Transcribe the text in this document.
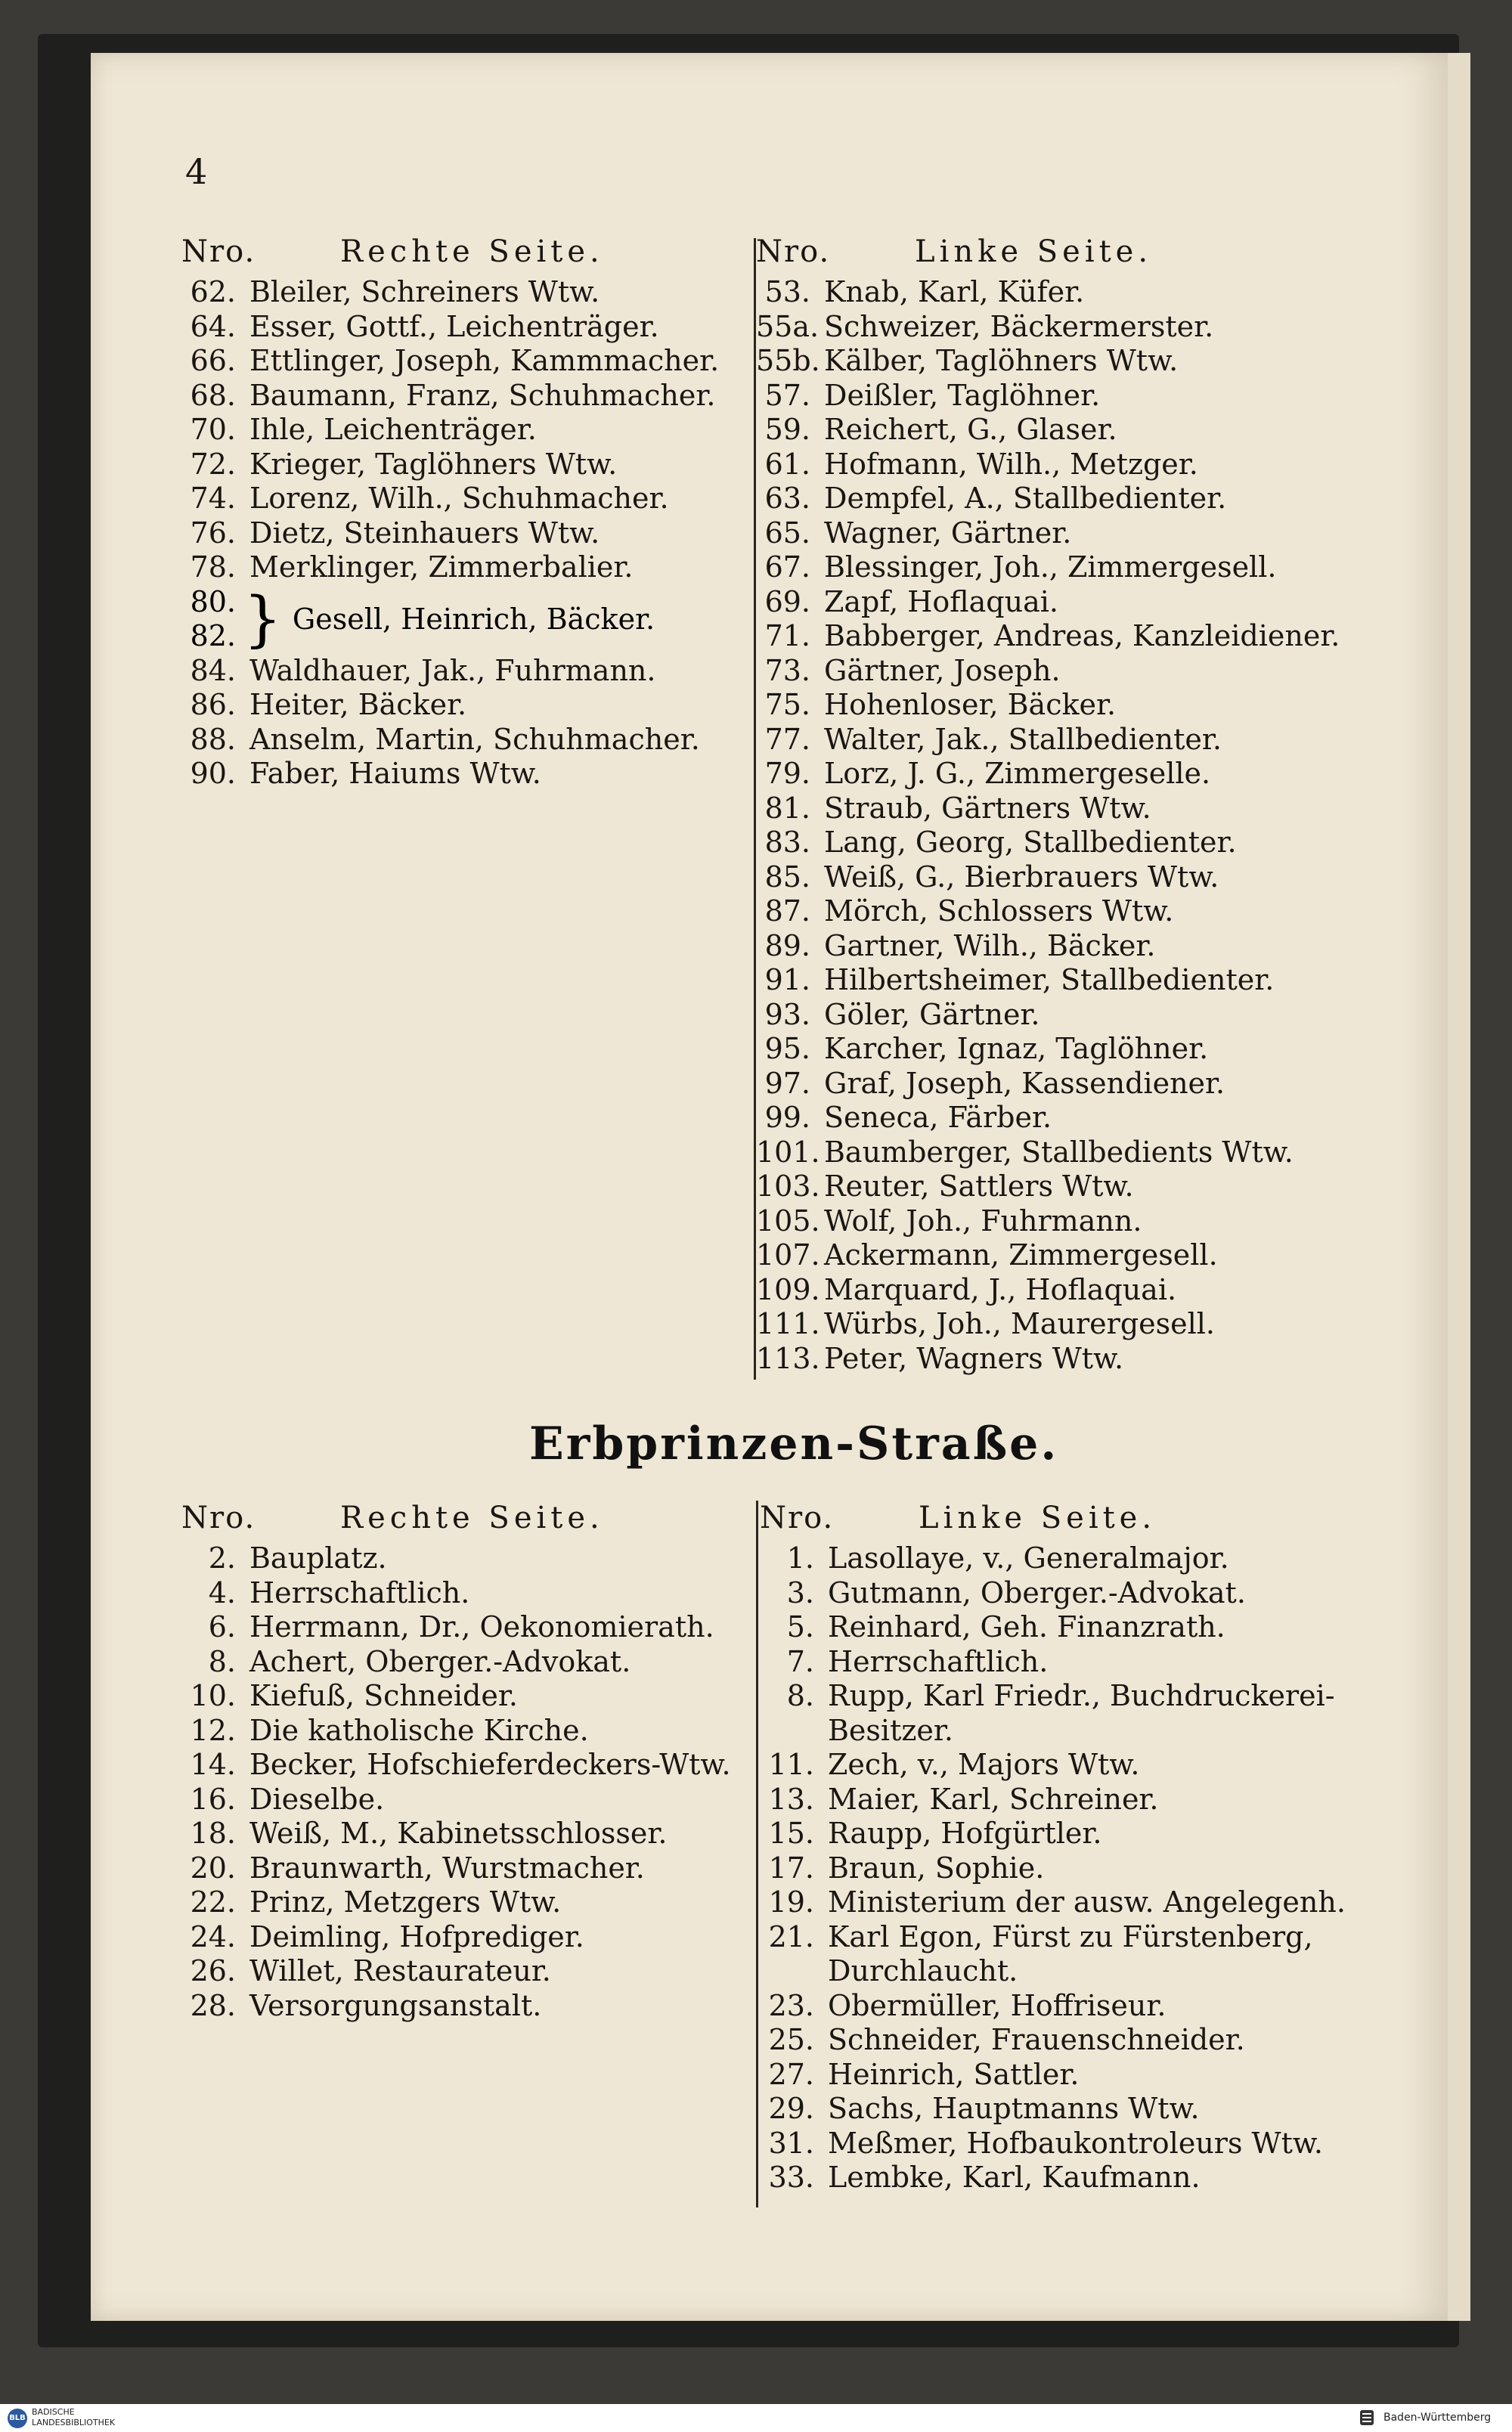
4
Nro.	Rechte Seite.
62. Bleiler, Schreiners Wtw.
64. Esser, Gottf., Leichenträger.
66. Ettlinger, Joseph, Kammmacher.
68. Baumann, Franz, Schuhmacher.
70. Ihle, Leichenträger.
72. Krieger, Taglöhners Wtw.
74. Lorenz, Wilh., Schuhmacher.
76. Dietz, Steinhauers Wtw.
78. Merklinger, Zimmerbalier.
80.
82. } Gesell, Heinrich, Bäcker.
84. Waldhauer, Jak., Fuhrmann.
86. Heiter, Bäcker.
88. Anselm, Martin, Schuhmacher.
90. Faber, Haiums Wtw.
Nro.	Linke Seite.
53. Knab, Karl, Küfer.
55a. Schweizer, Bäckermerster.
55b. Kälber, Taglöhners Wtw.
57. Deißler, Taglöhner.
59. Reichert, G., Glaser.
61. Hofmann, Wilh., Metzger.
63. Dempfel, A., Stallbedienter.
65. Wagner, Gärtner.
67. Blessinger, Joh., Zimmergesell.
69. Zapf, Hoflaquai.
71. Babberger, Andreas, Kanzleidiener.
73. Gärtner, Joseph.
75. Hohenloser, Bäcker.
77. Walter, Jak., Stallbedienter.
79. Lorz, J. G., Zimmergeselle.
81. Straub, Gärtners Wtw.
83. Lang, Georg, Stallbedienter.
85. Weiß, G., Bierbrauers Wtw.
87. Mörch, Schlossers Wtw.
89. Gartner, Wilh., Bäcker.
91. Hilbertsheimer, Stallbedienter.
93. Göler, Gärtner.
95. Karcher, Ignaz, Taglöhner.
97. Graf, Joseph, Kassendiener.
99. Seneca, Färber.
101. Baumberger, Stallbedients Wtw.
103. Reuter, Sattlers Wtw.
105. Wolf, Joh., Fuhrmann.
107. Ackermann, Zimmergesell.
109. Marquard, J., Hoflaquai.
111. Würbs, Joh., Maurergesell.
113. Peter, Wagners Wtw.
Erbprinzen-Straße.
Nro.	Rechte Seite.
2. Bauplatz.
4. Herrschaftlich.
6. Herrmann, Dr., Oekonomierath.
8. Achert, Oberger.-Advokat.
10. Kiefuß, Schneider.
12. Die katholische Kirche.
14. Becker, Hofschieferdeckers-Wtw.
16. Dieselbe.
18. Weiß, M., Kabinetsschlosser.
20. Braunwarth, Wurstmacher.
22. Prinz, Metzgers Wtw.
24. Deimling, Hofprediger.
26. Willet, Restaurateur.
28. Versorgungsanstalt.
Nro.	Linke Seite.
1. Lasollaye, v., Generalmajor.
3. Gutmann, Oberger.-Advokat.
5. Reinhard, Geh. Finanzrath.
7. Herrschaftlich.
8. Rupp, Karl Friedr., Buchdruckerei-
Besitzer.
11. Zech, v., Majors Wtw.
13. Maier, Karl, Schreiner.
15. Raupp, Hofgürtler.
17. Braun, Sophie.
19. Ministerium der ausw. Angelegenh.
21. Karl Egon, Fürst zu Fürstenberg,
Durchlaucht.
23. Obermüller, Hoffriseur.
25. Schneider, Frauenschneider.
27. Heinrich, Sattler.
29. Sachs, Hauptmanns Wtw.
31. Meßmer, Hofbaukontroleurs Wtw.
33. Lembke, Karl, Kaufmann.
BLB
BADISCHE
LANDESBIBLIOTHEK	Baden-Württemberg
